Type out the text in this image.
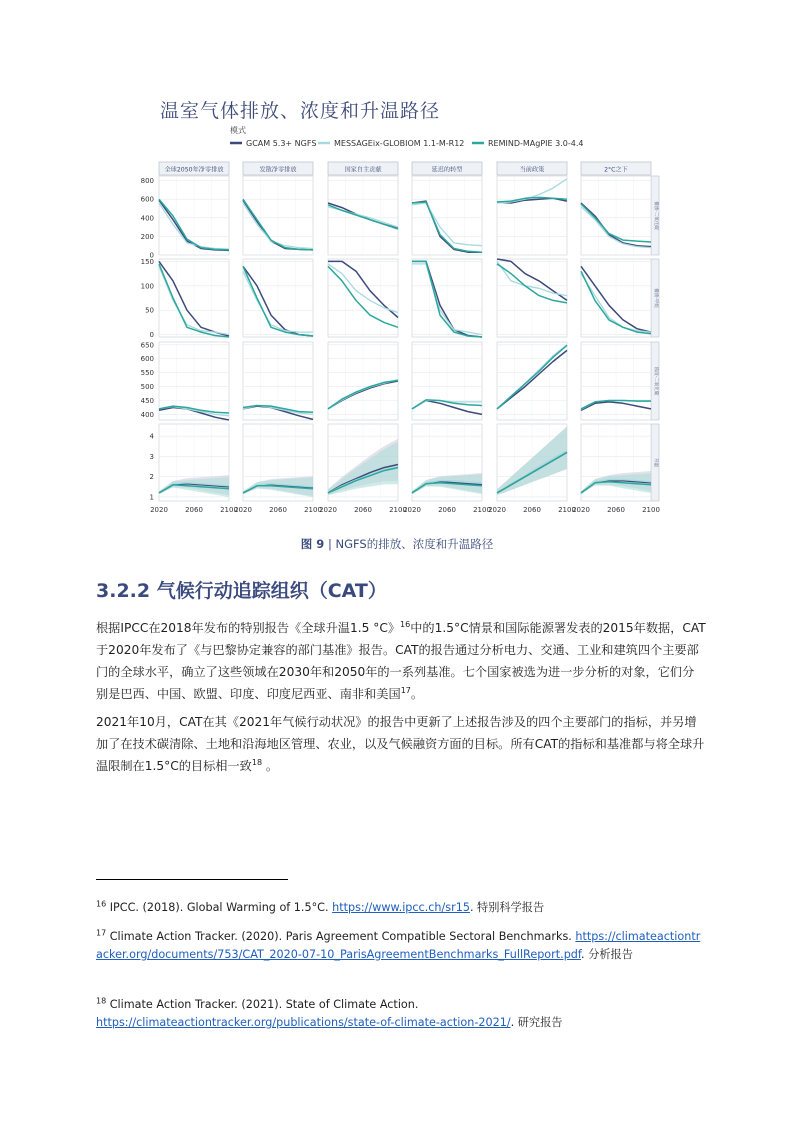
模式
GCAM 5.3+ NGFS MESSAGEix-GLOBIOM 1.1-M-R12	REMIND-MAgPIE 3.0-4.4
全球2050年净零排放	发散净零排放	国家自主贡献	延迟的转型	当前政策	2°C之下
排放-二氧化碳
800
600
400
200
0
排放-甲烷
150
100
50
0
浓度-二氧化碳
650
600
550
500
450
400
升温
4
3
2
1
2020 2060 2100
2020 2060 2100
2020 2060 2100
2020 2060 2100
2020 2060 2100
2020 2060 2100
温室气体排放、浓度和升温路径
图 9 | NGFS的排放、浓度和升温路径
3.2.2 气候行动追踪组织（CAT）
根据IPCC在2018年发布的特别报告《全球升温1.5 °C》$^{16}$中的1.5°C情景和国际能源署发表的2015年数据，CAT于2020年发布了《与巴黎协定兼容的部门基准》报告。CAT的报告通过分析电力、交通、工业和建筑四个主要部门的全球水平，确立了这些领域在2030年和2050年的一系列基准。七个国家被选为进一步分析的对象，它们分别是巴西、中国、欧盟、印度、印度尼西亚、南非和美国$^{17}$。
2021年10月，CAT在其《2021年气候行动状况》的报告中更新了上述报告涉及的四个主要部门的指标，并另增加了在技术碳清除、土地和沿海地区管理、农业，以及气候融资方面的目标。所有CAT的指标和基准都与将全球升温限制在1.5°C的目标相一致$^{18}$ 。
$^{16}$ IPCC. (2018). Global Warming of 1.5°C. https://www.ipcc.ch/sr15. 特别科学报告
$^{17}$ Climate Action Tracker. (2020). Paris Agreement Compatible Sectoral Benchmarks. https://climateactiontracker.org/documents/753/CAT_2020-07-10_ParisAgreementBenchmarks_FullReport.pdf. 分析报告
$^{18}$ Climate Action Tracker. (2021). State of Climate Action. https://climateactiontracker.org/publications/state-of-climate-action-2021/. 研究报告
